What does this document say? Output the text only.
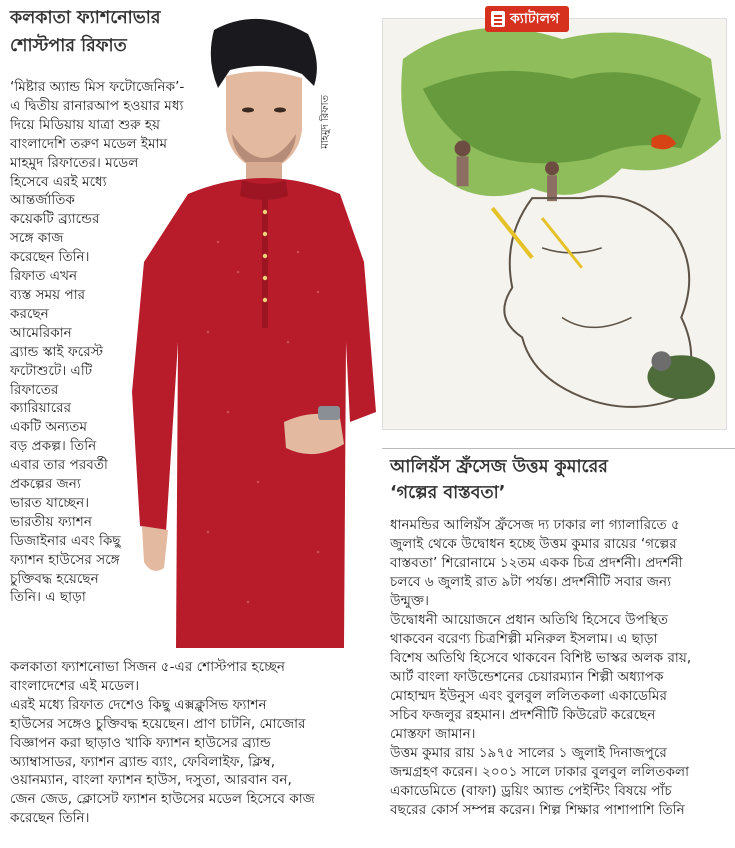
মাহমুদ রিফাত
কলকাতা ফ্যাশনোভার
শোস্টপার রিফাত
‘মিষ্টার অ্যান্ড মিস ফটোজেনিক’-
এ দ্বিতীয় রানারআপ হওয়ার মধ্য
দিয়ে মিডিয়ায় যাত্রা শুরু হয়
বাংলাদেশি তরুণ মডেল ইমাম
মাহমুদ রিফাতের। মডেল
হিসেবে এরই মধ্যে
আন্তর্জাতিক
কয়েকটি ব্র্যান্ডের
সঙ্গে কাজ
করেছেন তিনি।
রিফাত এখন
ব্যস্ত সময় পার
করছেন
আমেরিকান
ব্র্যান্ড স্কাই ফরেস্ট
ফটোশুটে। এটি
রিফাতের
ক্যারিয়ারের
একটি অন্যতম
বড় প্রকল্প। তিনি
এবার তার পরবর্তী
প্রকল্পের জন্য
ভারত যাচ্ছেন।
ভারতীয় ফ্যাশন
ডিজাইনার এবং কিছু
ফ্যাশন হাউসের সঙ্গে
চুক্তিবদ্ধ হয়েছেন
তিনি। এ ছাড়া
কলকাতা ফ্যাশনোভা সিজন ৫-এর শোস্টপার হচ্ছেন
বাংলাদেশের এই মডেল।
এরই মধ্যে রিফাত দেশেও কিছু এক্সক্লুসিভ ফ্যাশন
হাউসের সঙ্গেও চুক্তিবদ্ধ হয়েছেন। প্রাণ চাটনি, মোজোর
বিজ্ঞাপন করা ছাড়াও খাকি ফ্যাশন হাউসের ব্র্যান্ড
অ্যাম্বাসাডর, ফ্যাশন ব্র্যান্ড ব্যাং, ফেবিলাইফ, ক্লিম্ব,
ওয়ানম্যান, বাংলা ফ্যাশন হাউস, দসুতা, আরবান বন,
জেন জেড, ক্লোসেট ফ্যাশন হাউসের মডেল হিসেবে কাজ
করেছেন তিনি।
ক্যাটালগ
আলিয়ঁস ফ্রঁসেজ উত্তম কুমারের
‘গল্পের বাস্তবতা’
ধানমন্ডির আলিয়ঁস ফ্রঁসেজ দ্য ঢাকার লা গ্যালারিতে ৫
জুলাই থেকে উদ্বোধন হচ্ছে উত্তম কুমার রায়ের ‘গল্পের
বাস্তবতা’ শিরোনামে ১২তম একক চিত্র প্রদর্শনী। প্রদর্শনী
চলবে ৬ জুলাই রাত ৯টা পর্যন্ত। প্রদর্শনীটি সবার জন্য
উন্মুক্ত।
উদ্বোধনী আয়োজনে প্রধান অতিথি হিসেবে উপস্থিত
থাকবেন বরেণ্য চিত্রশিল্পী মনিরুল ইসলাম। এ ছাড়া
বিশেষ অতিথি হিসেবে থাকবেন বিশিষ্ট ভাস্কর অলক রায়,
আর্ট বাংলা ফাউন্ডেশনের চেয়ারম্যান শিল্পী অধ্যাপক
মোহাম্মদ ইউনুস এবং বুলবুল ললিতকলা একাডেমির
সচিব ফজলুর রহমান। প্রদর্শনীটি কিউরেট করেছেন
মোস্তফা জামান।
উত্তম কুমার রায় ১৯৭৫ সালের ১ জুলাই দিনাজপুরে
জন্মগ্রহণ করেন। ২০০১ সালে ঢাকার বুলবুল ললিতকলা
একাডেমিতে (বাফা) ড্রয়িং অ্যান্ড পেইন্টিং বিষয়ে পাঁচ
বছরের কোর্স সম্পন্ন করেন। শিল্প শিক্ষার পাশাপাশি তিনি
